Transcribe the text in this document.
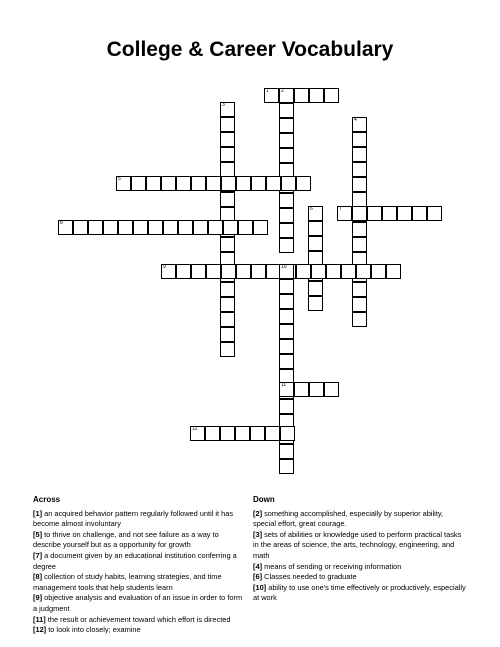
College & Career Vocabulary
1 2
3
4
5
6	7
8
9	10
11
12
Across
[1] an acquired behavior pattern regularly followed until it has become almost involuntary
[5] to thrive on challenge, and not see failure as a way to describe yourself but as a opportunity for growth
[7] a document given by an educational institution conferring a degree
[8] collection of study habits, learning strategies, and time management tools that help students learn
[9] objective analysis and evaluation of an issue in order to form a judgment
[11] the result or achievement toward which effort is directed
[12] to look into closely; examine
Down
[2] something accomplished, especially by superior ability, special effort, great courage.
[3] sets of abilities or knowledge used to perform practical tasks in the areas of science, the arts, technology, engineering, and math
[4] means of sending or receiving information
[6] Classes needed to graduate
[10] ability to use one's time effectively or productively, especially at work
